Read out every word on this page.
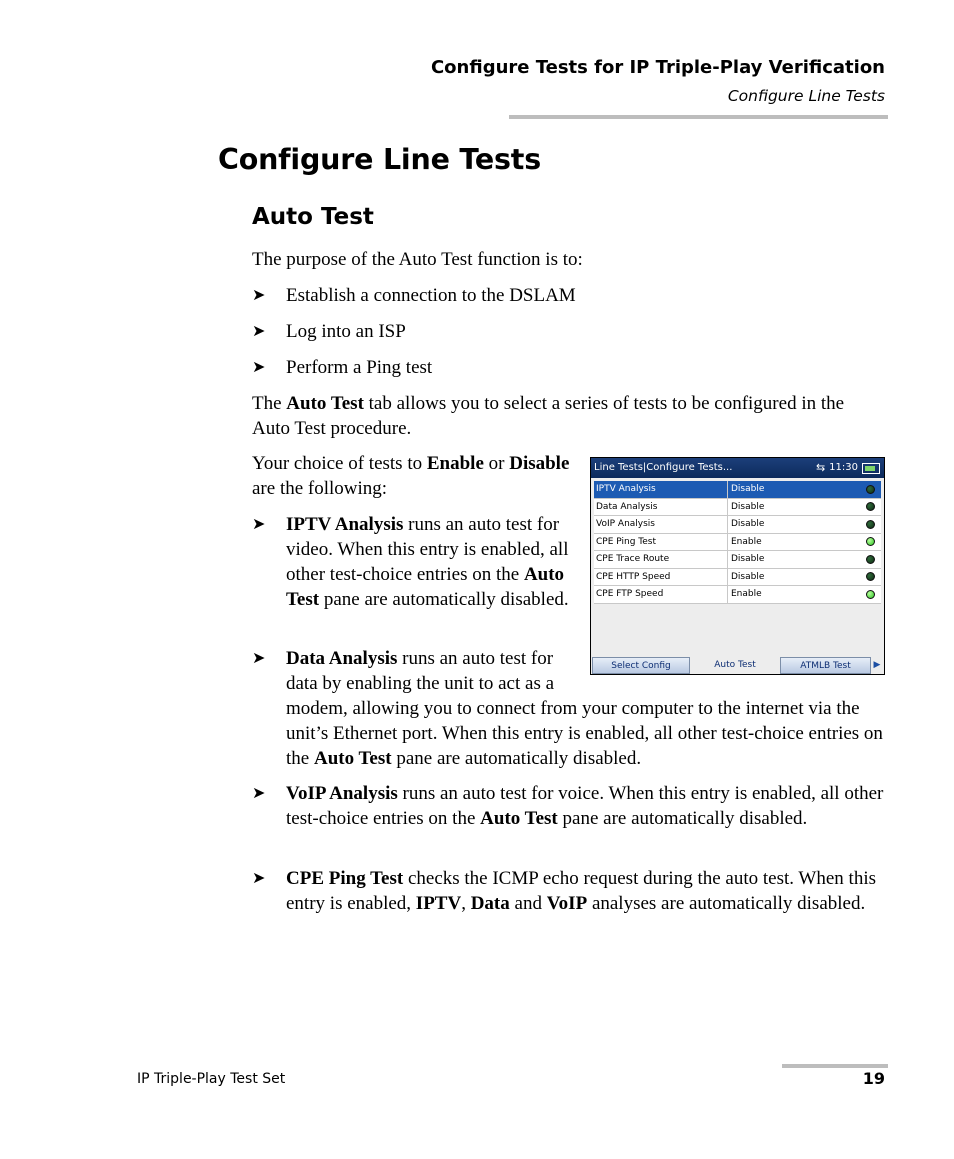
Configure Tests for IP Triple-Play Verification
Configure Line Tests
Configure Line Tests
Auto Test
The purpose of the Auto Test function is to:
➤ Establish a connection to the DSLAM
➤ Log into an ISP
➤ Perform a Ping test
The Auto Test tab allows you to select a series of tests to be configured in the Auto Test procedure.
Your choice of tests to Enable or Disable are the following:
➤ IPTV Analysis runs an auto test for video. When this entry is enabled, all other test-choice entries on the Auto Test pane are automatically disabled.
➤ Data Analysis runs an auto test for data by enabling the unit to act as a modem, allowing you to connect from your computer to the internet via the unit’s Ethernet port. When this entry is enabled, all other test-choice entries on the Auto Test pane are automatically disabled.
➤ VoIP Analysis runs an auto test for voice. When this entry is enabled, all other test-choice entries on the Auto Test pane are automatically disabled.
➤ CPE Ping Test checks the ICMP echo request during the auto test. When this entry is enabled, IPTV, Data and VoIP analyses are automatically disabled.
Line Tests|Configure Tests...	⇆ 11:30
IPTV Analysis	Disable
Data Analysis	Disable
VoIP Analysis	Disable
CPE Ping Test	Enable
CPE Trace Route	Disable
CPE HTTP Speed	Disable
CPE FTP Speed	Enable
Select Config	Auto Test	ATMLB Test	▶
IP Triple-Play Test Set	19
